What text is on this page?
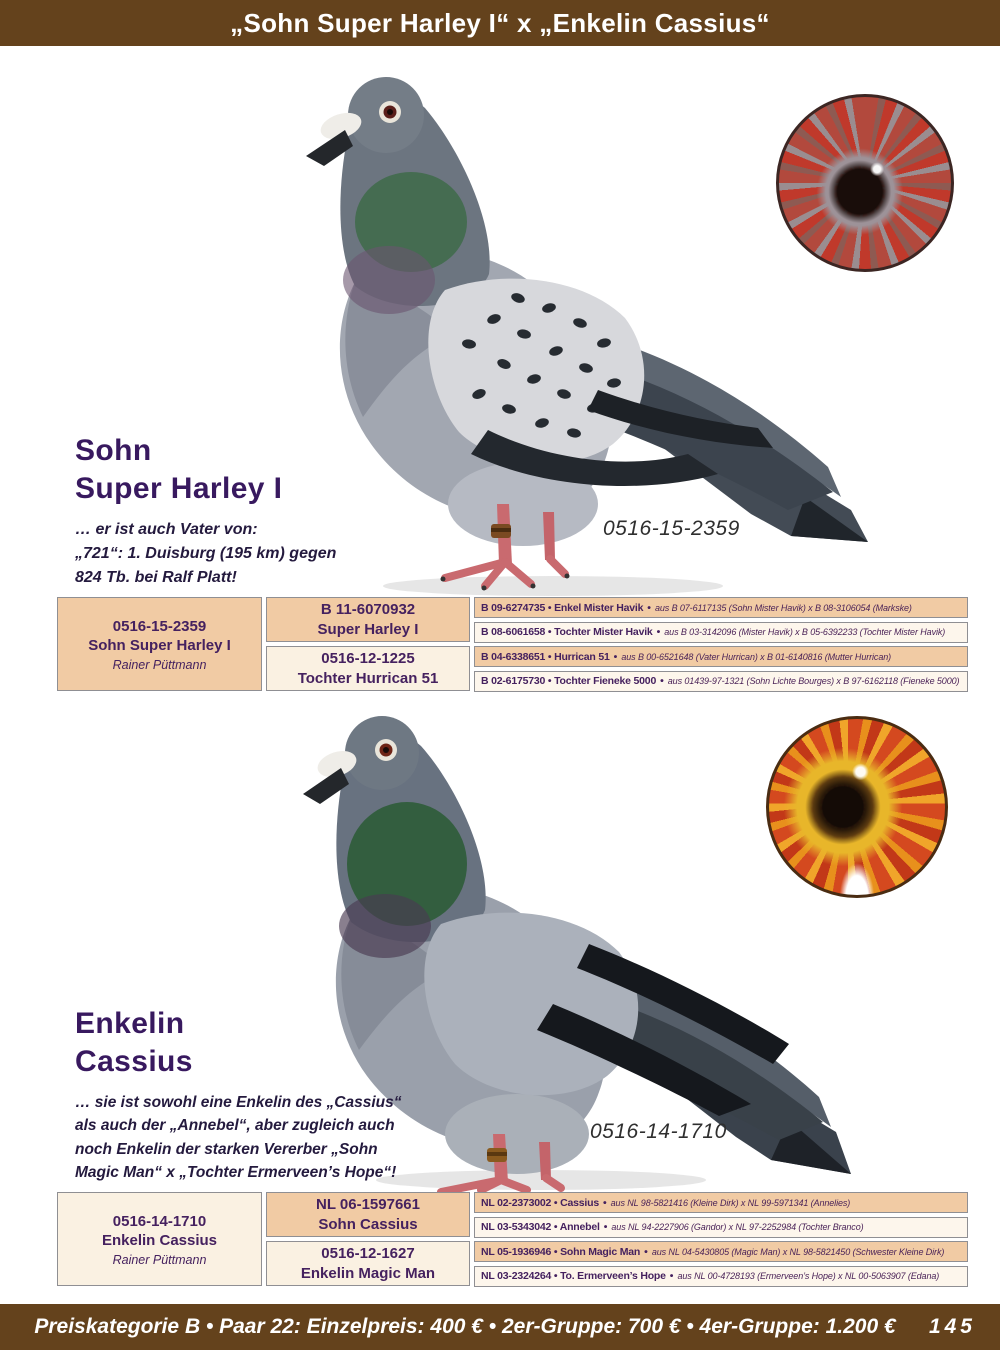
„Sohn Super Harley I“ x „Enkelin Cassius“
Sohn
Super Harley I
… er ist auch Vater von:
„721“: 1. Duisburg (195 km) gegen
824 Tb. bei Ralf Platt!
0516-15-2359
0516-15-2359
Sohn Super Harley I
Rainer Püttmann
B 11-6070932
Super Harley I
0516-12-1225
Tochter Hurrican 51
B 09-6274735 • Enkel Mister Havik • aus B 07-6117135 (Sohn Mister Havik) x B 08-3106054 (Markske)
B 08-6061658 • Tochter Mister Havik • aus B 03-3142096 (Mister Havik) x B 05-6392233 (Tochter Mister Havik)
B 04-6338651 • Hurrican 51 • aus B 00-6521648 (Vater Hurrican) x B 01-6140816 (Mutter Hurrican)
B 02-6175730 • Tochter Fieneke 5000 • aus 01439-97-1321 (Sohn Lichte Bourges) x B 97-6162118 (Fieneke 5000)
Enkelin
Cassius
… sie ist sowohl eine Enkelin des „Cassius“
als auch der „Annebel“, aber zugleich auch
noch Enkelin der starken Vererber „Sohn
Magic Man“ x „Tochter Ermerveen’s Hope“!
0516-14-1710
0516-14-1710
Enkelin Cassius
Rainer Püttmann
NL 06-1597661
Sohn Cassius
0516-12-1627
Enkelin Magic Man
NL 02-2373002 • Cassius • aus NL 98-5821416 (Kleine Dirk) x NL 99-5971341 (Annelies)
NL 03-5343042 • Annebel • aus NL 94-2227906 (Gandor) x NL 97-2252984 (Tochter Branco)
NL 05-1936946 • Sohn Magic Man • aus NL 04-5430805 (Magic Man) x NL 98-5821450 (Schwester Kleine Dirk)
NL 03-2324264 • To. Ermerveen’s Hope • aus NL 00-4728193 (Ermerveen’s Hope) x NL 00-5063907 (Edana)
Preiskategorie B • Paar 22: Einzelpreis: 400 € • 2er-Gruppe: 700 € • 4er-Gruppe: 1.200 €	145
